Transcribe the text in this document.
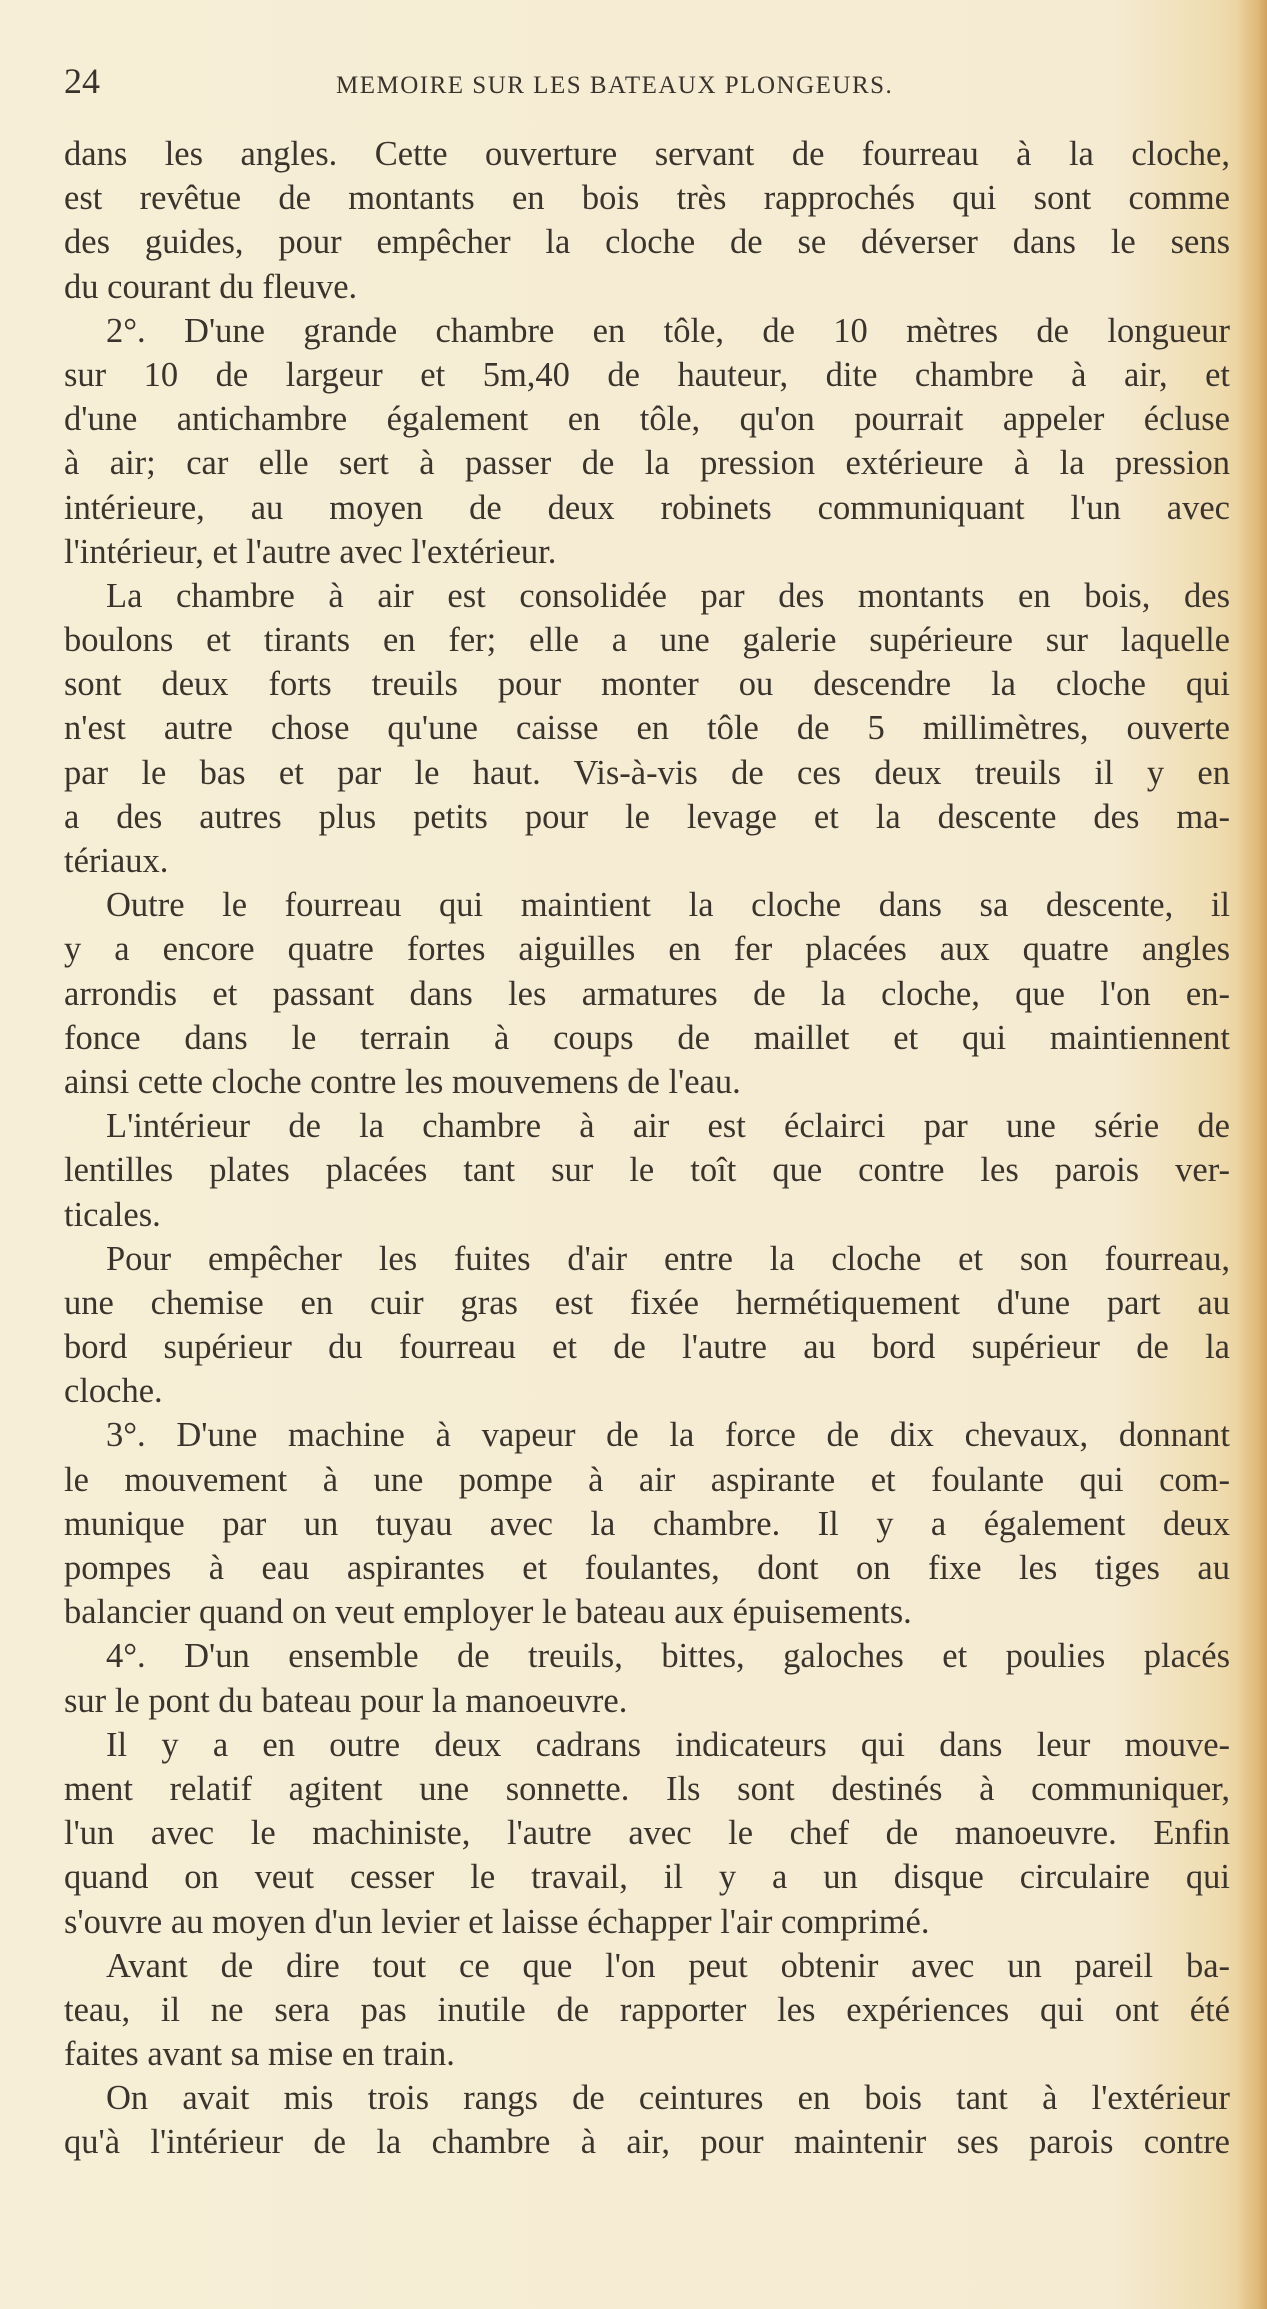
24	MEMOIRE SUR LES BATEAUX PLONGEURS.
dans les angles. Cette ouverture servant de fourreau à la cloche,
est revêtue de montants en bois très rapprochés qui sont comme
des guides, pour empêcher la cloche de se déverser dans le sens
du courant du fleuve.
2°. D'une grande chambre en tôle, de 10 mètres de longueur
sur 10 de largeur et 5m,40 de hauteur, dite chambre à air, et
d'une antichambre également en tôle, qu'on pourrait appeler écluse
à air; car elle sert à passer de la pression extérieure à la pression
intérieure, au moyen de deux robinets communiquant l'un avec
l'intérieur, et l'autre avec l'extérieur.
La chambre à air est consolidée par des montants en bois, des
boulons et tirants en fer; elle a une galerie supérieure sur laquelle
sont deux forts treuils pour monter ou descendre la cloche qui
n'est autre chose qu'une caisse en tôle de 5 millimètres, ouverte
par le bas et par le haut. Vis-à-vis de ces deux treuils il y en
a des autres plus petits pour le levage et la descente des ma-
tériaux.
Outre le fourreau qui maintient la cloche dans sa descente, il
y a encore quatre fortes aiguilles en fer placées aux quatre angles
arrondis et passant dans les armatures de la cloche, que l'on en-
fonce dans le terrain à coups de maillet et qui maintiennent
ainsi cette cloche contre les mouvemens de l'eau.
L'intérieur de la chambre à air est éclairci par une série de
lentilles plates placées tant sur le toît que contre les parois ver-
ticales.
Pour empêcher les fuites d'air entre la cloche et son fourreau,
une chemise en cuir gras est fixée hermétiquement d'une part au
bord supérieur du fourreau et de l'autre au bord supérieur de la
cloche.
3°. D'une machine à vapeur de la force de dix chevaux, donnant
le mouvement à une pompe à air aspirante et foulante qui com-
munique par un tuyau avec la chambre. Il y a également deux
pompes à eau aspirantes et foulantes, dont on fixe les tiges au
balancier quand on veut employer le bateau aux épuisements.
4°. D'un ensemble de treuils, bittes, galoches et poulies placés
sur le pont du bateau pour la manoeuvre.
Il y a en outre deux cadrans indicateurs qui dans leur mouve-
ment relatif agitent une sonnette. Ils sont destinés à communiquer,
l'un avec le machiniste, l'autre avec le chef de manoeuvre. Enfin
quand on veut cesser le travail, il y a un disque circulaire qui
s'ouvre au moyen d'un levier et laisse échapper l'air comprimé.
Avant de dire tout ce que l'on peut obtenir avec un pareil ba-
teau, il ne sera pas inutile de rapporter les expériences qui ont été
faites avant sa mise en train.
On avait mis trois rangs de ceintures en bois tant à l'extérieur
qu'à l'intérieur de la chambre à air, pour maintenir ses parois contre
